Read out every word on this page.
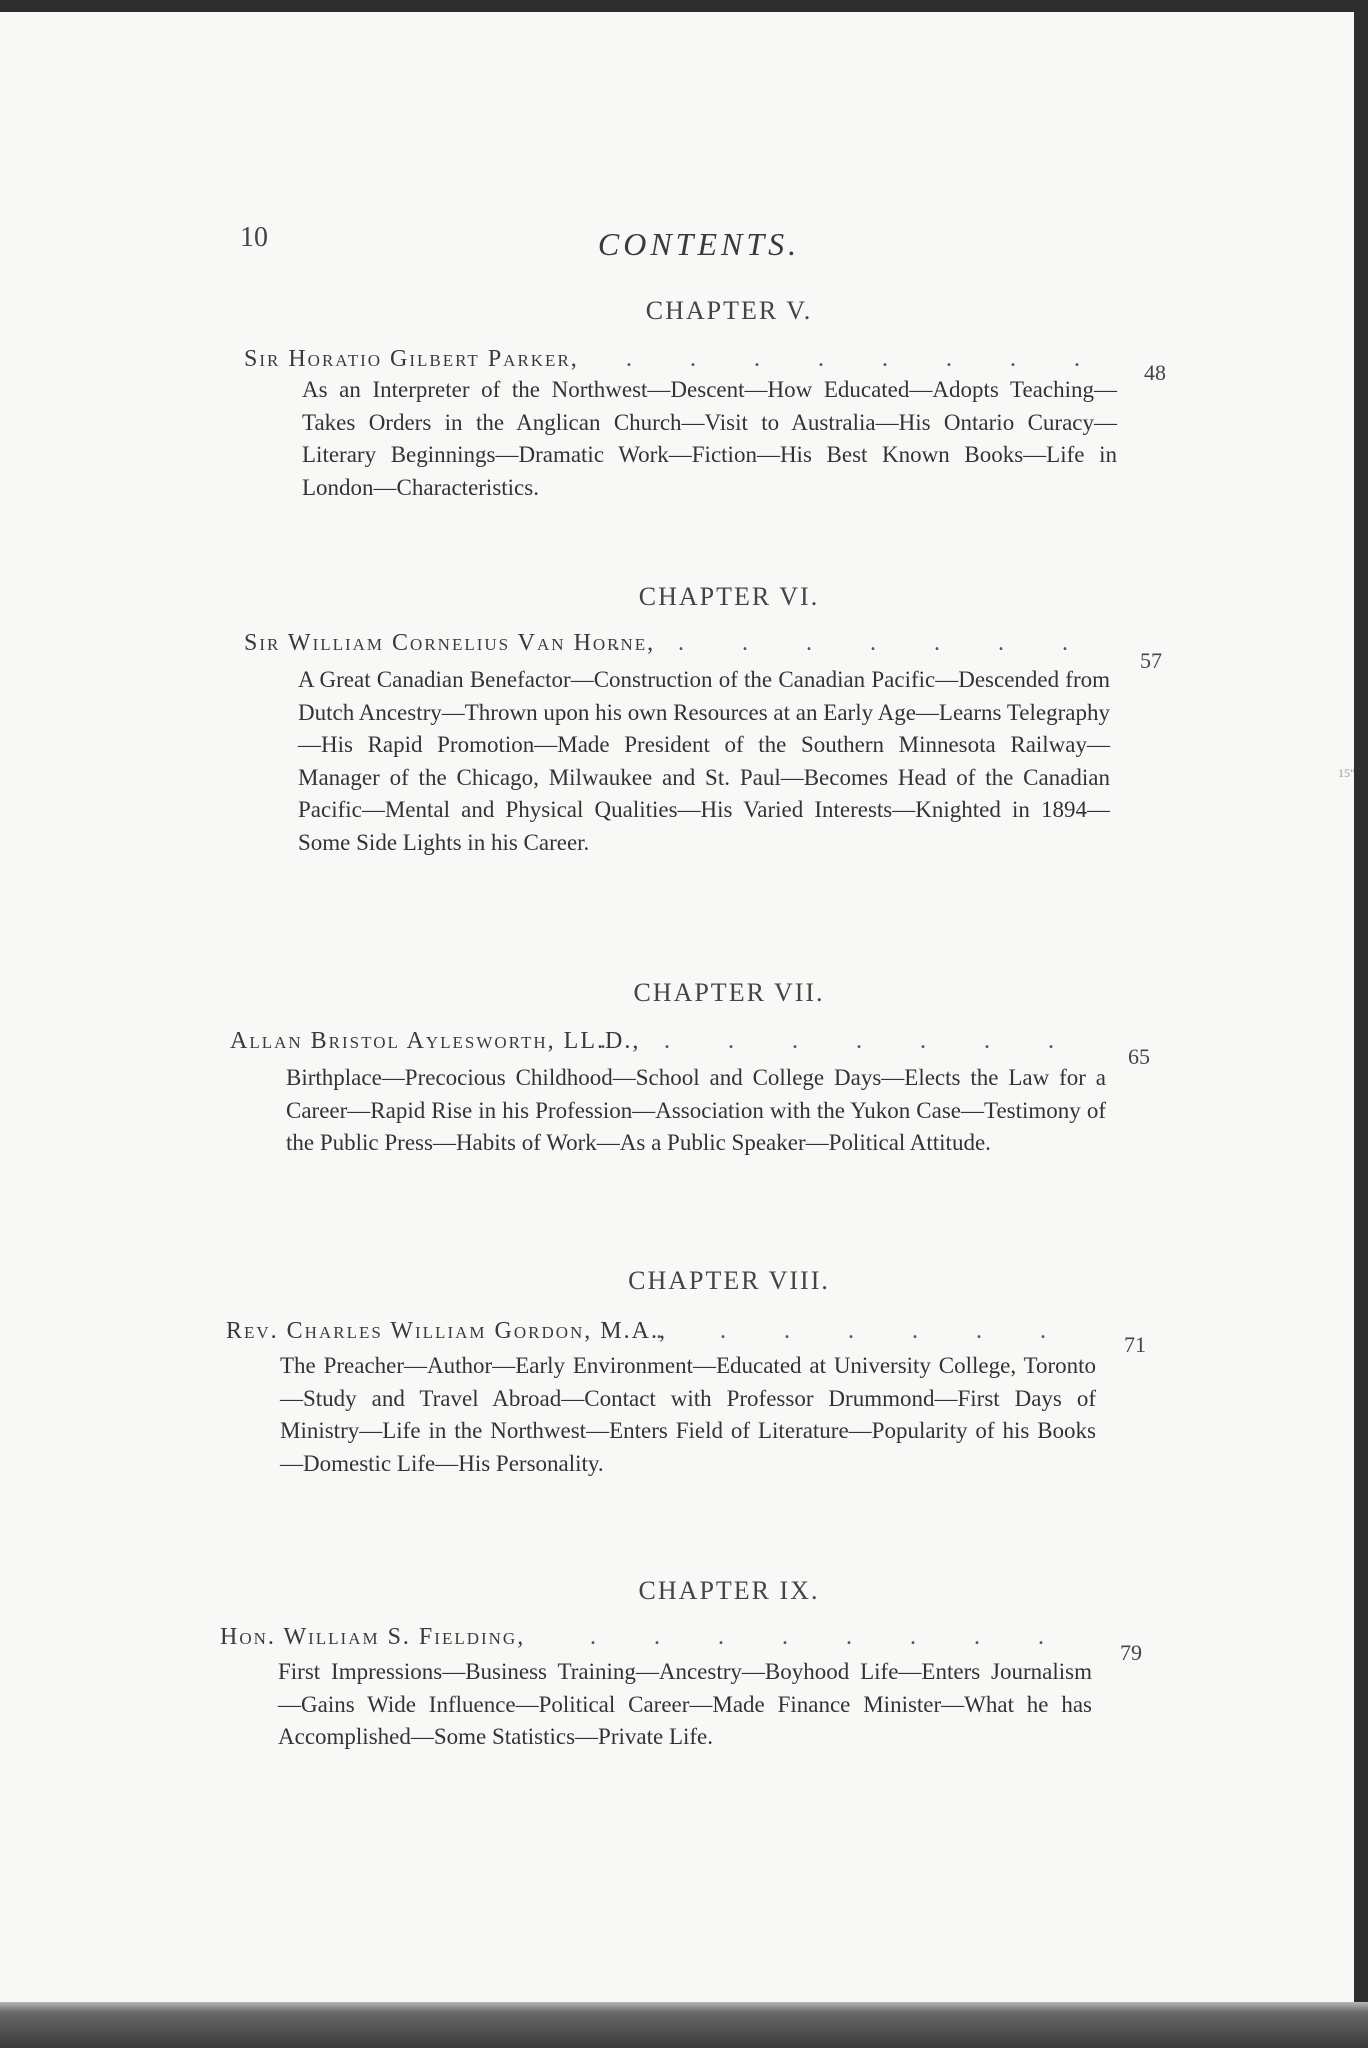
10	CONTENTS.
15"
CHAPTER V.
Sir Horatio Gilbert Parker, . . . . . . . .
48

As an Interpreter of the Northwest—Descent—How Educated—Adopts Teaching—Takes Orders in the Anglican Church—Visit to Australia—His Ontario Curacy—Literary Beginnings—Dramatic Work—Fiction—His Best Known Books—Life in London—Characteristics.

CHAPTER VI.
Sir William Cornelius Van Horne,
. . . . . . . .
57

A Great Canadian Benefactor—Construction of the Canadian Pacific—Descended from Dutch Ancestry—Thrown upon his own Resources at an Early Age—Learns Telegraphy—His Rapid Promotion—Made President of the Southern Minnesota Railway—Manager of the Chicago, Milwaukee and St. Paul—Becomes Head of the Canadian Pacific—Mental and Physical Qualities—His Varied Interests—Knighted in 1894—Some Side Lights in his Career.

CHAPTER VII.
Allan Bristol Aylesworth, LL.D.,
. . . . . . . .
65

Birthplace—Precocious Childhood—School and College Days—Elects the Law for a Career—Rapid Rise in his Profession—Association with the Yukon Case—Testimony of the Public Press—Habits of Work—As a Public Speaker—Political Attitude.

CHAPTER VIII.
Rev. Charles William Gordon, M.A.,
. . . . . . .
71

The Preacher—Author—Early Environment—Educated at University College, Toronto—Study and Travel Abroad—Contact with Professor Drummond—First Days of Ministry—Life in the Northwest—Enters Field of Literature—Popularity of his Books—Domestic Life—His Personality.

CHAPTER IX.
Hon. William S. Fielding,	. . . . . . . .
79

First Impressions—Business Training—Ancestry—Boyhood Life—Enters Journalism—Gains Wide Influence—Political Career—Made Finance Minister—What he has Accomplished—Some Statistics—Private Life.
